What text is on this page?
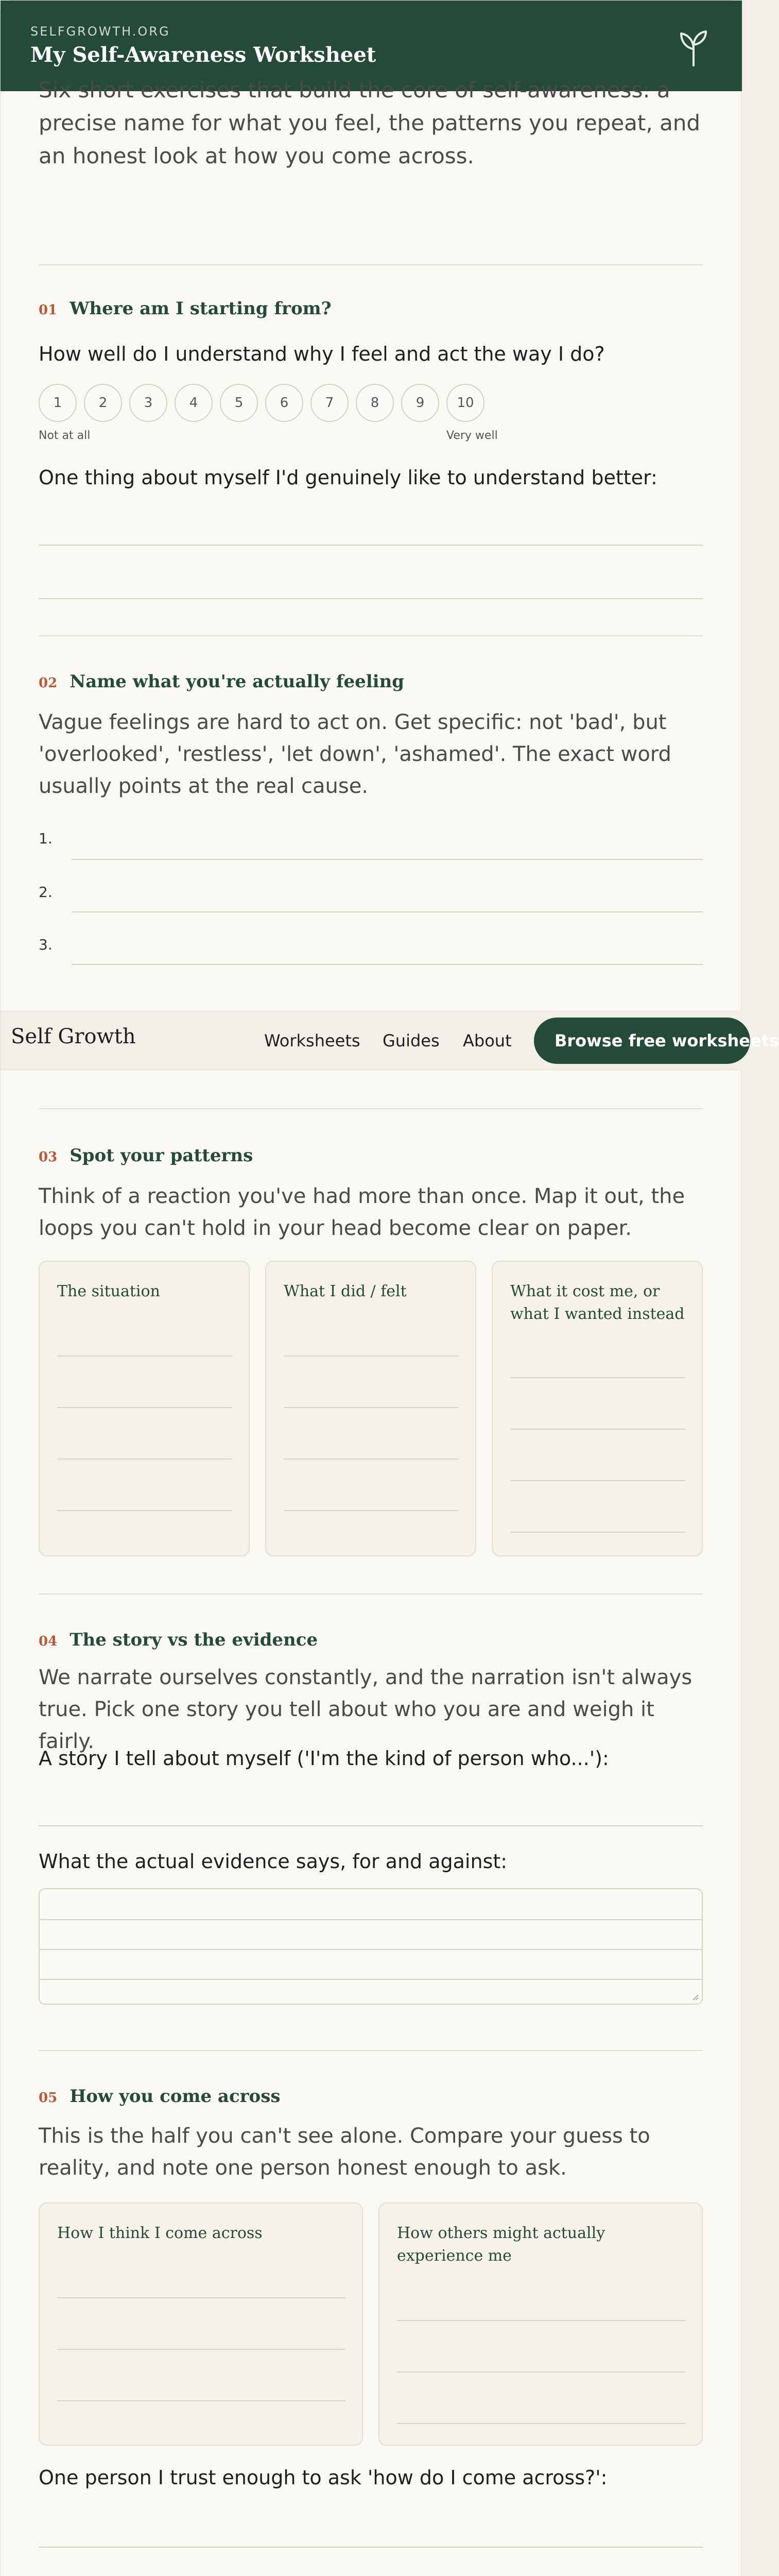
SELFGROWTH.ORG
My Self-Awareness Worksheet
Six short exercises that build the core of self-awareness: a precise name for what you feel, the patterns you repeat, and an honest look at how you come across.
01 Where am I starting from?
How well do I understand why I feel and act the way I do?
1	2	3	4	5	6	7	8	9	10
Not at all	Very well
One thing about myself I'd genuinely like to understand better:
02 Name what you're actually feeling
Vague feelings are hard to act on. Get specific: not 'bad', but 'overlooked', 'restless', 'let down', 'ashamed'. The exact word usually points at the real cause.
1.
2.
3.
Self Growth	Worksheets Guides About	Browse free worksheets
03 Spot your patterns
Think of a reaction you've had more than once. Map it out, the loops you can't hold in your head become clear on paper.
The situation	What I did / felt	What it cost me, or what I wanted instead
04 The story vs the evidence
We narrate ourselves constantly, and the narration isn't always true. Pick one story you tell about who you are and weigh it fairly.
A story I tell about myself ('I'm the kind of person who...'):
What the actual evidence says, for and against:
05 How you come across
This is the half you can't see alone. Compare your guess to reality, and note one person honest enough to ask.
How I think I come across	How others might actually experience me
One person I trust enough to ask 'how do I come across?':
